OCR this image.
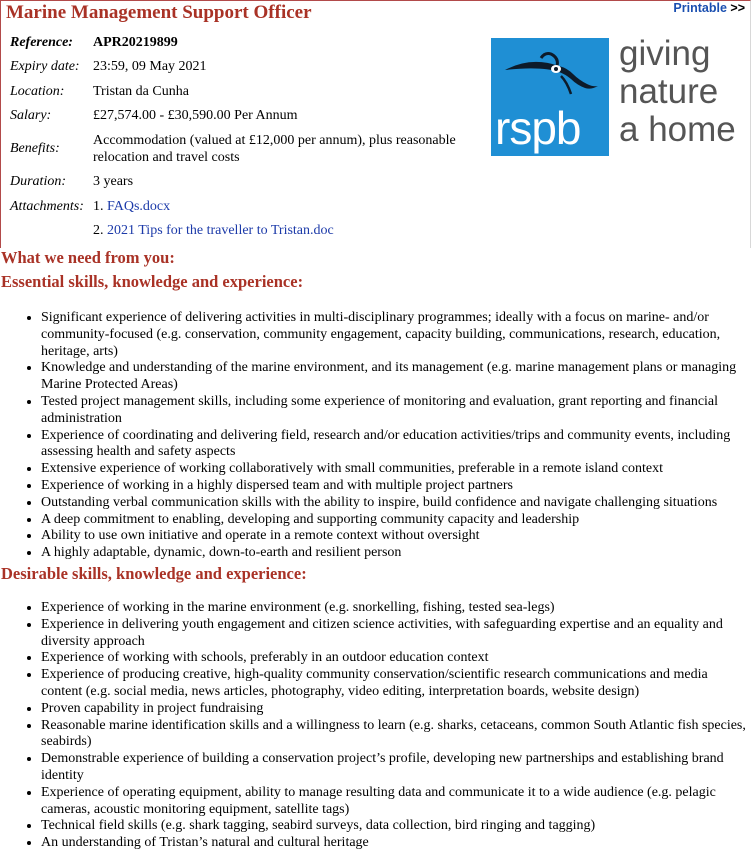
Marine Management Support Officer	Printable >>
Reference:	APR20219899
Expiry date:	23:59, 09 May 2021
Location:	Tristan da Cunha
Salary:	£27,574.00 - £30,590.00 Per Annum
Benefits:	Accommodation (valued at £12,000 per annum), plus reasonable relocation and travel costs
Duration:	3 years
Attachments:	1. FAQs.docx
	2. 2021 Tips for the traveller to Tristan.doc
rspb
giving
nature
a home
What we need from you:
Essential skills, knowledge and experience:
• Significant experience of delivering activities in multi-disciplinary programmes; ideally with a focus on marine- and/or community-focused (e.g. conservation, community engagement, capacity building, communications, research, education, heritage, arts)
• Knowledge and understanding of the marine environment, and its management (e.g. marine management plans or managing Marine Protected Areas)
• Tested project management skills, including some experience of monitoring and evaluation, grant reporting and financial administration
• Experience of coordinating and delivering field, research and/or education activities/trips and community events, including assessing health and safety aspects
• Extensive experience of working collaboratively with small communities, preferable in a remote island context
• Experience of working in a highly dispersed team and with multiple project partners
• Outstanding verbal communication skills with the ability to inspire, build confidence and navigate challenging situations
• A deep commitment to enabling, developing and supporting community capacity and leadership
• Ability to use own initiative and operate in a remote context without oversight
• A highly adaptable, dynamic, down-to-earth and resilient person
Desirable skills, knowledge and experience:
• Experience of working in the marine environment (e.g. snorkelling, fishing, tested sea-legs)
• Experience in delivering youth engagement and citizen science activities, with safeguarding expertise and an equality and diversity approach
• Experience of working with schools, preferably in an outdoor education context
• Experience of producing creative, high-quality community conservation/scientific research communications and media content (e.g. social media, news articles, photography, video editing, interpretation boards, website design)
• Proven capability in project fundraising
• Reasonable marine identification skills and a willingness to learn (e.g. sharks, cetaceans, common South Atlantic fish species, seabirds)
• Demonstrable experience of building a conservation project’s profile, developing new partnerships and establishing brand identity
• Experience of operating equipment, ability to manage resulting data and communicate it to a wide audience (e.g. pelagic cameras, acoustic monitoring equipment, satellite tags)
• Technical field skills (e.g. shark tagging, seabird surveys, data collection, bird ringing and tagging)
• An understanding of Tristan’s natural and cultural heritage
